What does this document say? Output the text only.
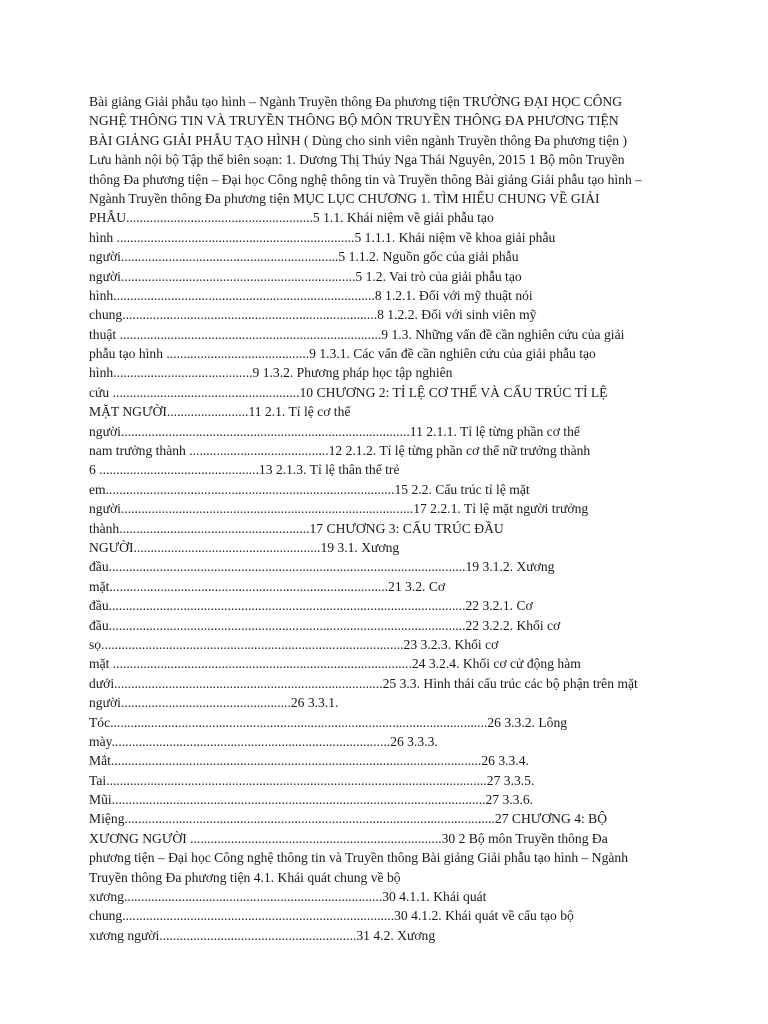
Bài giảng Giải phẫu tạo hình – Ngành Truyền thông Đa phương tiện TRƯỜNG ĐẠI HỌC CÔNG
NGHỆ THÔNG TIN VÀ TRUYỀN THÔNG BỘ MÔN TRUYỀN THÔNG ĐA PHƯƠNG TIỆN
BÀI GIẢNG GIẢI PHẪU TẠO HÌNH ( Dùng cho sinh viên ngành Truyền thông Đa phương tiện )
Lưu hành nội bộ Tập thể biên soạn: 1. Dương Thị Thúy Nga Thái Nguyên, 2015 1 Bộ môn Truyền
thông Đa phương tiện – Đại học Công nghệ thông tin và Truyền thông Bài giảng Giải phẫu tạo hình –
Ngành Truyền thông Đa phương tiện MỤC LỤC CHƯƠNG 1. TÌM HIỂU CHUNG VỀ GIẢI
PHẪU.......................................................5 1.1. Khái niệm về giải phẫu tạo
hình ......................................................................5 1.1.1. Khái niệm về khoa giải phẫu
người................................................................5 1.1.2. Nguồn gốc của giải phẫu
người.....................................................................5 1.2. Vai trò của giải phẫu tạo
hình.............................................................................8 1.2.1. Đối với mỹ thuật nói
chung...........................................................................8 1.2.2. Đối với sinh viên mỹ
thuật .............................................................................9 1.3. Những vấn đề cần nghiên cứu của giải
phẫu tạo hình ..........................................9 1.3.1. Các vấn đề cần nghiên cứu của giải phẫu tạo
hình.........................................9 1.3.2. Phương pháp học tập nghiên
cứu .......................................................10 CHƯƠNG 2: TỈ LỆ CƠ THỂ VÀ CẤU TRÚC TỈ LỆ
MẶT NGƯỜI........................11 2.1. Tỉ lệ cơ thể
người.....................................................................................11 2.1.1. Tỉ lệ từng phần cơ thể
nam trưởng thành .........................................12 2.1.2. Tỉ lệ từng phần cơ thể nữ trưởng thành
6 ...............................................13 2.1.3. Tỉ lệ thân thể trẻ
em.....................................................................................15 2.2. Cấu trúc tỉ lệ mặt
người......................................................................................17 2.2.1. Tỉ lệ mặt người trưởng
thành........................................................17 CHƯƠNG 3: CẤU TRÚC ĐẦU
NGƯỜI.......................................................19 3.1. Xương
đầu.........................................................................................................19 3.1.2. Xương
mặt..................................................................................21 3.2. Cơ
đầu.........................................................................................................22 3.2.1. Cơ
đầu.........................................................................................................22 3.2.2. Khối cơ
sọ.........................................................................................23 3.2.3. Khối cơ
mặt ........................................................................................24 3.2.4. Khối cơ cử động hàm
dưới...............................................................................25 3.3. Hình thái cấu trúc các bộ phận trên mặt
người..................................................26 3.3.1.
Tóc...............................................................................................................26 3.3.2. Lông
mày..................................................................................26 3.3.3.
Mắt.............................................................................................................26 3.3.4.
Tai................................................................................................................27 3.3.5.
Mũi..............................................................................................................27 3.3.6.
Miệng.............................................................................................................27 CHƯƠNG 4: BỘ
XƯƠNG NGƯỜI ..........................................................................30 2 Bộ môn Truyền thông Đa
phương tiện – Đại học Công nghệ thông tin và Truyền thông Bài giảng Giải phẫu tạo hình – Ngành
Truyền thông Đa phương tiện 4.1. Khái quát chung về bộ
xương............................................................................30 4.1.1. Khái quát
chung................................................................................30 4.1.2. Khái quát về cấu tạo bộ
xương người..........................................................31 4.2. Xương
